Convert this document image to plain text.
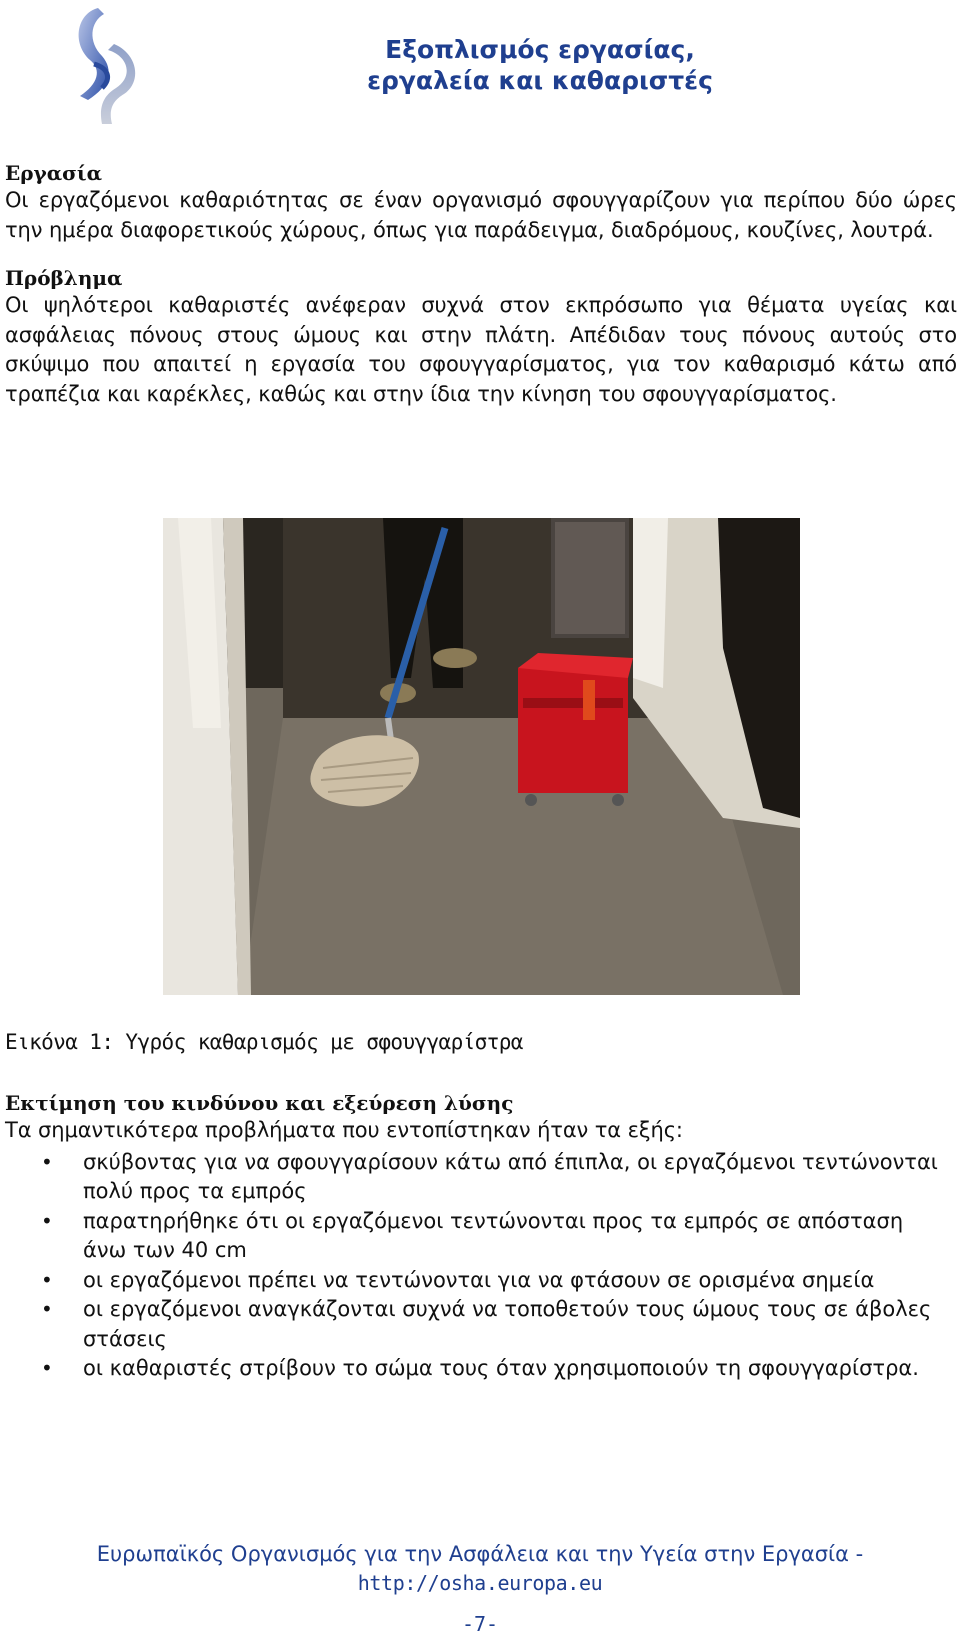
Εξοπλισμός εργασίας,
εργαλεία και καθαριστές
Εργασία

Οι εργαζόμενοι καθαριότητας σε έναν οργανισμό σφουγγαρίζουν για περίπου δύο ώρες την ημέρα διαφορετικούς χώρους, όπως για παράδειγμα, διαδρόμους, κουζίνες, λουτρά.

Πρόβλημα

Οι ψηλότεροι καθαριστές ανέφεραν συχνά στον εκπρόσωπο για θέματα υγείας και ασφάλειας πόνους στους ώμους και στην πλάτη. Απέδιδαν τους πόνους αυτούς στο σκύψιμο που απαιτεί η εργασία του σφουγγαρίσματος, για τον καθαρισμό κάτω από τραπέζια και καρέκλες, καθώς και στην ίδια την κίνηση του σφουγγαρίσματος.

Εικόνα 1: Υγρός καθαρισμός με σφουγγαρίστρα

Εκτίμηση του κινδύνου και εξεύρεση λύσης

Τα σημαντικότερα προβλήματα που εντοπίστηκαν ήταν τα εξής:

• σκύβοντας για να σφουγγαρίσουν κάτω από έπιπλα, οι εργαζόμενοι τεντώνονται πολύ προς τα εμπρός
• παρατηρήθηκε ότι οι εργαζόμενοι τεντώνονται προς τα εμπρός σε απόσταση άνω των 40 cm
• οι εργαζόμενοι πρέπει να τεντώνονται για να φτάσουν σε ορισμένα σημεία
• οι εργαζόμενοι αναγκάζονται συχνά να τοποθετούν τους ώμους τους σε άβολες στάσεις
• οι καθαριστές στρίβουν το σώμα τους όταν χρησιμοποιούν τη σφουγγαρίστρα.
Ευρωπαϊκός Οργανισμός για την Ασφάλεια και την Υγεία στην Εργασία -
http://osha.europa.eu
-7-
